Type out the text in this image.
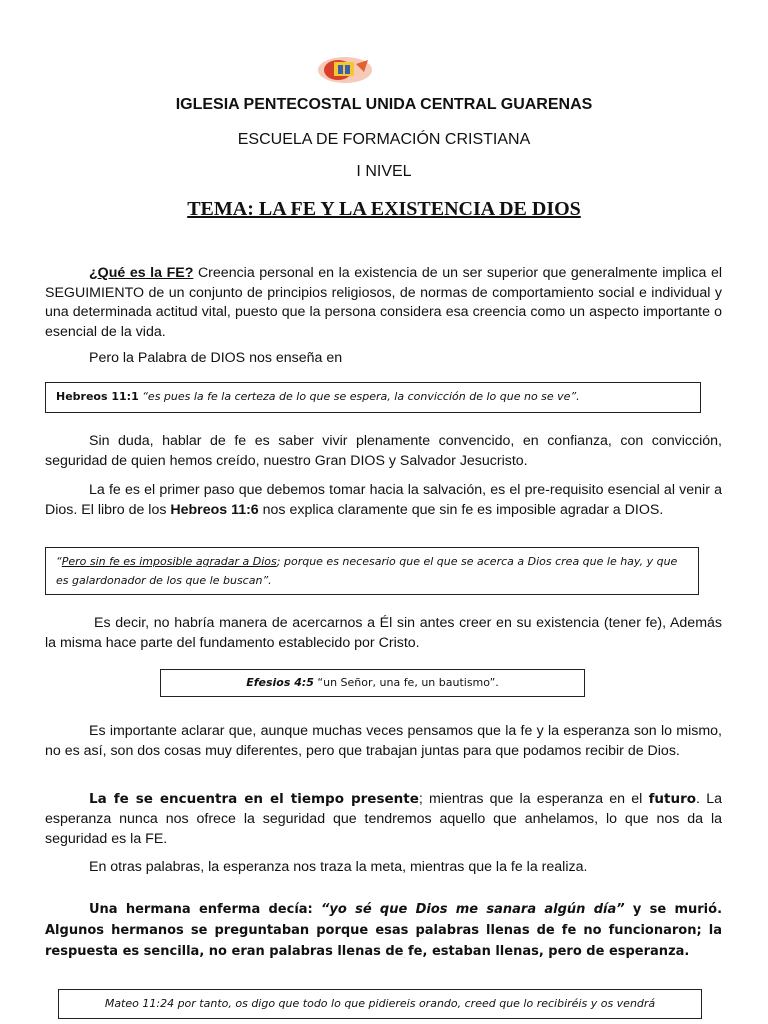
IGLESIA PENTECOSTAL UNIDA CENTRAL GUARENAS
ESCUELA DE FORMACIÓN CRISTIANA
I NIVEL
TEMA: LA FE Y LA EXISTENCIA DE DIOS

¿Qué es la FE? Creencia personal en la existencia de un ser superior que generalmente implica el SEGUIMIENTO de un conjunto de principios religiosos, de normas de comportamiento social e individual y una determinada actitud vital, puesto que la persona considera esa creencia como un aspecto importante o esencial de la vida.

Pero la Palabra de DIOS nos enseña en

Hebreos 11:1 “es pues la fe la certeza de lo que se espera, la convicción de lo que no se ve”.

Sin duda, hablar de fe es saber vivir plenamente convencido, en confianza, con convicción, seguridad de quien hemos creído, nuestro Gran DIOS y Salvador Jesucristo.

La fe es el primer paso que debemos tomar hacia la salvación, es el pre-requisito esencial al venir a Dios. El libro de los Hebreos 11:6 nos explica claramente que sin fe es imposible agradar a DIOS.

“Pero sin fe es imposible agradar a Dios; porque es necesario que el que se acerca a Dios crea que le hay, y que es galardonador de los que le buscan”.

Es decir, no habría manera de acercarnos a Él sin antes creer en su existencia (tener fe), Además la misma hace parte del fundamento establecido por Cristo.

Efesios 4:5 “un Señor, una fe, un bautismo”.

Es importante aclarar que, aunque muchas veces pensamos que la fe y la esperanza son lo mismo, no es así, son dos cosas muy diferentes, pero que trabajan juntas para que podamos recibir de Dios.

La fe se encuentra en el tiempo presente; mientras que la esperanza en el futuro. La esperanza nunca nos ofrece la seguridad que tendremos aquello que anhelamos, lo que nos da la seguridad es la FE.

En otras palabras, la esperanza nos traza la meta, mientras que la fe la realiza.

Una hermana enferma decía: “yo sé que Dios me sanara algún día” y se murió. Algunos hermanos se preguntaban porque esas palabras llenas de fe no funcionaron; la respuesta es sencilla, no eran palabras llenas de fe, estaban llenas, pero de esperanza.

Mateo 11:24 por tanto, os digo que todo lo que pidiereis orando, creed que lo recibiréis y os vendrá
